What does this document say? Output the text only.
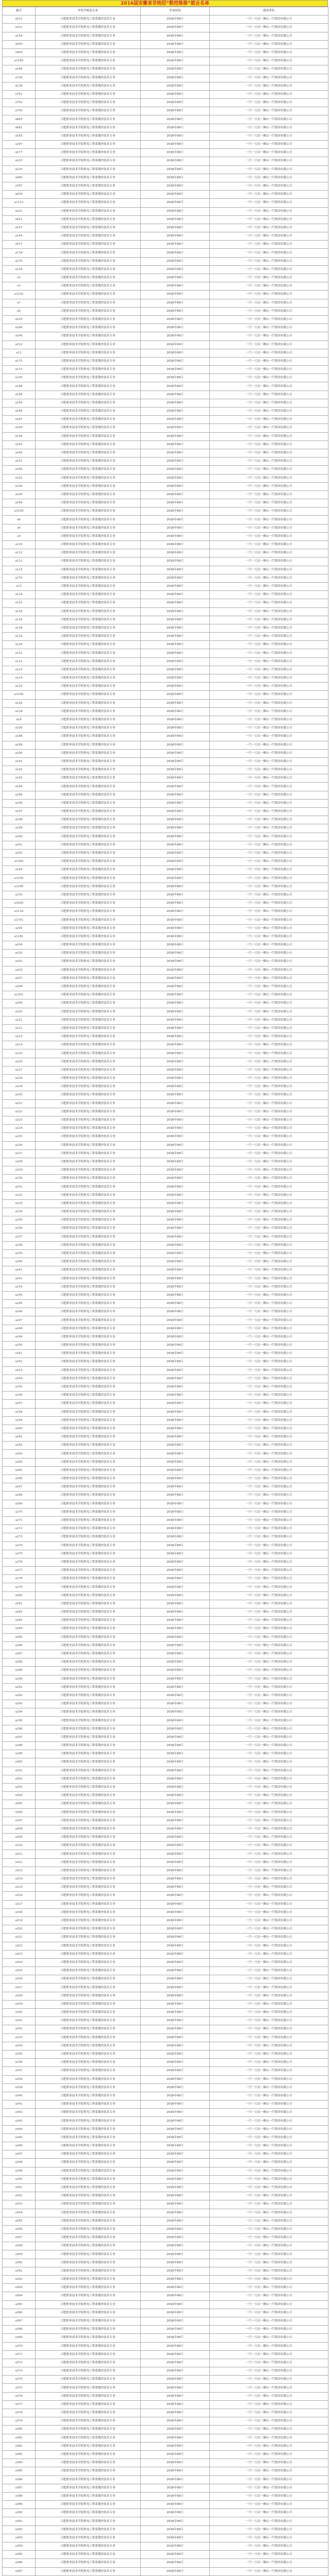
2016届安徽省非统招“数控维修”就业名单
编号	毕业学校及专业	毕业时间	就业单位
a011	合肥职业技术学院机电工程系数控技术专业	2016年06月	一汽一大众一佛山一汽集团有限公司
a311	合肥职业技术学院机电工程系数控技术专业	2016年06月	一汽一大众一佛山一汽集团有限公司
a158	合肥职业技术学院机电工程系数控技术专业	2016年06月	一汽一大众一佛山一汽集团有限公司
a505	合肥职业技术学院机电工程系数控技术专业	2016年06月	一汽一大众一佛山一汽集团有限公司
a404	合肥职业技术学院机电工程系数控技术专业	2016年06月	一汽一大众一佛山一汽集团有限公司
a1180	合肥职业技术学院机电工程系数控技术专业	2016年06月	一汽一大众一佛山一汽集团有限公司
a168	合肥职业技术学院机电工程系数控技术专业	2016年06月	一汽一大众一佛山一汽集团有限公司
a728	合肥职业技术学院机电工程系数控技术专业	2016年06月	一汽一大众一佛山一汽集团有限公司
a139	合肥职业技术学院机电工程系数控技术专业	2016年06月	一汽一大众一佛山一汽集团有限公司
a751	合肥职业技术学院机电工程系数控技术专业	2016年06月	一汽一大众一佛山一汽集团有限公司
a752	合肥职业技术学院机电工程系数控技术专业	2016年06月	一汽一大众一佛山一汽集团有限公司
a700	合肥职业技术学院机电工程系数控技术专业	2016年06月	一汽一大众一佛山一汽集团有限公司
a663	合肥职业技术学院机电工程系数控技术专业	2016年06月	一汽一大众一佛山一汽集团有限公司
a681	合肥职业技术学院机电工程系数控技术专业	2016年06月	一汽一大众一佛山一汽集团有限公司
a183	合肥职业技术学院机电工程系数控技术专业	2016年06月	一汽一大众一佛山一汽集团有限公司
a297	合肥职业技术学院机电工程系数控技术专业	2016年06月	一汽一大众一佛山一汽集团有限公司
a177	合肥职业技术学院机电工程系数控技术专业	2016年06月	一汽一大众一佛山一汽集团有限公司
a125	合肥职业技术学院机电工程系数控技术专业	2016年06月	一汽一大众一佛山一汽集团有限公司
a120	合肥职业技术学院机电工程系数控技术专业	2016年06月	一汽一大众一佛山一汽集团有限公司
a660	合肥职业技术学院机电工程系数控技术专业	2016年06月	一汽一大众一佛山一汽集团有限公司
a767	合肥职业技术学院机电工程系数控技术专业	2016年06月	一汽一大众一佛山一汽集团有限公司
a504	合肥职业技术学院机电工程系数控技术专业	2016年06月	一汽一大众一佛山一汽集团有限公司
a1112	合肥职业技术学院机电工程系数控技术专业	2016年06月	一汽一大众一佛山一汽集团有限公司
a221	合肥职业技术学院机电工程系数控技术专业	2016年06月	一汽一大众一佛山一汽集团有限公司
a611	合肥职业技术学院机电工程系数控技术专业	2016年06月	一汽一大众一佛山一汽集团有限公司
a157	合肥职业技术学院机电工程系数控技术专业	2016年06月	一汽一大众一佛山一汽集团有限公司
a144	合肥职业技术学院机电工程系数控技术专业	2016年06月	一汽一大众一佛山一汽集团有限公司
a571	合肥职业技术学院机电工程系数控技术专业	2016年06月	一汽一大众一佛山一汽集团有限公司
a718	合肥职业技术学院机电工程系数控技术专业	2016年06月	一汽一大众一佛山一汽集团有限公司
a170	合肥职业技术学院机电工程系数控技术专业	2016年06月	一汽一大众一佛山一汽集团有限公司
a128	合肥职业技术学院机电工程系数控技术专业	2016年06月	一汽一大众一佛山一汽集团有限公司
a3	合肥职业技术学院机电工程系数控技术专业	2016年06月	一汽一大众一佛山一汽集团有限公司
a1	合肥职业技术学院机电工程系数控技术专业	2016年06月	一汽一大众一佛山一汽集团有限公司
a1102	合肥职业技术学院机电工程系数控技术专业	2016年06月	一汽一大众一佛山一汽集团有限公司
a7	合肥职业技术学院机电工程系数控技术专业	2016年06月	一汽一大众一佛山一汽集团有限公司
a0	合肥职业技术学院机电工程系数控技术专业	2016年06月	一汽一大众一佛山一汽集团有限公司
a103	合肥职业技术学院机电工程系数控技术专业	2016年06月	一汽一大众一佛山一汽集团有限公司
a186	合肥职业技术学院机电工程系数控技术专业	2016年06月	一汽一大众一佛山一汽集团有限公司
a140	合肥职业技术学院机电工程系数控技术专业	2016年06月	一汽一大众一佛山一汽集团有限公司
a312	合肥职业技术学院机电工程系数控技术专业	2016年06月	一汽一大众一佛山一汽集团有限公司
a11	合肥职业技术学院机电工程系数控技术专业	2016年06月	一汽一大众一佛山一汽集团有限公司
a175	合肥职业技术学院机电工程系数控技术专业	2016年06月	一汽一大众一佛山一汽集团有限公司
a172	合肥职业技术学院机电工程系数控技术专业	2016年06月	一汽一大众一佛山一汽集团有限公司
a130	合肥职业技术学院机电工程系数控技术专业	2016年06月	一汽一大众一佛山一汽集团有限公司
a188	合肥职业技术学院机电工程系数控技术专业	2016年06月	一汽一大众一佛山一汽集团有限公司
a158	合肥职业技术学院机电工程系数控技术专业	2016年06月	一汽一大众一佛山一汽集团有限公司
a154	合肥职业技术学院机电工程系数控技术专业	2016年06月	一汽一大众一佛山一汽集团有限公司
a168	合肥职业技术学院机电工程系数控技术专业	2016年06月	一汽一大众一佛山一汽集团有限公司
a187	合肥职业技术学院机电工程系数控技术专业	2016年06月	一汽一大众一佛山一汽集团有限公司
a194	合肥职业技术学院机电工程系数控技术专业	2016年06月	一汽一大众一佛山一汽集团有限公司
a194	合肥职业技术学院机电工程系数控技术专业	2016年06月	一汽一大众一佛山一汽集团有限公司
a192	合肥职业技术学院机电工程系数控技术专业	2016年06月	一汽一大众一佛山一汽集团有限公司
a160	合肥职业技术学院机电工程系数控技术专业	2016年06月	一汽一大众一佛山一汽集团有限公司
a101	合肥职业技术学院机电工程系数控技术专业	2016年06月	一汽一大众一佛山一汽集团有限公司
a180	合肥职业技术学院机电工程系数控技术专业	2016年06月	一汽一大众一佛山一汽集团有限公司
a192	合肥职业技术学院机电工程系数控技术专业	2016年06月	一汽一大众一佛山一汽集团有限公司
a100	合肥职业技术学院机电工程系数控技术专业	2016年06月	一汽一大众一佛山一汽集团有限公司
a100	合肥职业技术学院机电工程系数控技术专业	2016年06月	一汽一大众一佛山一汽集团有限公司
a169	合肥职业技术学院机电工程系数控技术专业	2016年06月	一汽一大众一佛山一汽集团有限公司
a1109	合肥职业技术学院机电工程系数控技术专业	2016年06月	一汽一大众一佛山一汽集团有限公司
a6	合肥职业技术学院机电工程系数控技术专业	2016年06月	一汽一大众一佛山一汽集团有限公司
a4	合肥职业技术学院机电工程系数控技术专业	2016年06月	一汽一大众一佛山一汽集团有限公司
a3	合肥职业技术学院机电工程系数控技术专业	2016年06月	一汽一大众一佛山一汽集团有限公司
a110	合肥职业技术学院机电工程系数控技术专业	2016年06月	一汽一大众一佛山一汽集团有限公司
a111	合肥职业技术学院机电工程系数控技术专业	2016年06月	一汽一大众一佛山一汽集团有限公司
a112	合肥职业技术学院机电工程系数控技术专业	2016年06月	一汽一大众一佛山一汽集团有限公司
a113	合肥职业技术学院机电工程系数控技术专业	2016年06月	一汽一大众一佛山一汽集团有限公司
a170	合肥职业技术学院机电工程系数控技术专业	2016年06月	一汽一大众一佛山一汽集团有限公司
a13	合肥职业技术学院机电工程系数控技术专业	2016年06月	一汽一大众一佛山一汽集团有限公司
a114	合肥职业技术学院机电工程系数控技术专业	2016年06月	一汽一大众一佛山一汽集团有限公司
a115	合肥职业技术学院机电工程系数控技术专业	2016年06月	一汽一大众一佛山一汽集团有限公司
a116	合肥职业技术学院机电工程系数控技术专业	2016年06月	一汽一大众一佛山一汽集团有限公司
a116	合肥职业技术学院机电工程系数控技术专业	2016年06月	一汽一大众一佛山一汽集团有限公司
a118	合肥职业技术学院机电工程系数控技术专业	2016年06月	一汽一大众一佛山一汽集团有限公司
a119	合肥职业技术学院机电工程系数控技术专业	2016年06月	一汽一大众一佛山一汽集团有限公司
a120	合肥职业技术学院机电工程系数控技术专业	2016年06月	一汽一大众一佛山一汽集团有限公司
a121	合肥职业技术学院机电工程系数控技术专业	2016年06月	一汽一大众一佛山一汽集团有限公司
a122	合肥职业技术学院机电工程系数控技术专业	2016年06月	一汽一大众一佛山一汽集团有限公司
a123	合肥职业技术学院机电工程系数控技术专业	2016年06月	一汽一大众一佛山一汽集团有限公司
a124	合肥职业技术学院机电工程系数控技术专业	2016年06月	一汽一大众一佛山一汽集团有限公司
a125	合肥职业技术学院机电工程系数控技术专业	2016年06月	一汽一大众一佛山一汽集团有限公司
a1106	合肥职业技术学院机电工程系数控技术专业	2016年06月	一汽一大众一佛山一汽集团有限公司
a126	合肥职业技术学院机电工程系数控技术专业	2016年06月	一汽一大众一佛山一汽集团有限公司
a128	合肥职业技术学院机电工程系数控技术专业	2016年06月	一汽一大众一佛山一汽集团有限公司
a16	合肥职业技术学院机电工程系数控技术专业	2016年06月	一汽一大众一佛山一汽集团有限公司
a106	合肥职业技术学院机电工程系数控技术专业	2016年06月	一汽一大众一佛山一汽集团有限公司
a188	合肥职业技术学院机电工程系数控技术专业	2016年06月	一汽一大众一佛山一汽集团有限公司
a189	合肥职业技术学院机电工程系数控技术专业	2016年06月	一汽一大众一佛山一汽集团有限公司
a190	合肥职业技术学院机电工程系数控技术专业	2016年06月	一汽一大众一佛山一汽集团有限公司
a191	合肥职业技术学院机电工程系数控技术专业	2016年06月	一汽一大众一佛山一汽集团有限公司
a192	合肥职业技术学院机电工程系数控技术专业	2016年06月	一汽一大众一佛山一汽集团有限公司
a193	合肥职业技术学院机电工程系数控技术专业	2016年06月	一汽一大众一佛山一汽集团有限公司
a194	合肥职业技术学院机电工程系数控技术专业	2016年06月	一汽一大众一佛山一汽集团有限公司
a195	合肥职业技术学院机电工程系数控技术专业	2016年06月	一汽一大众一佛山一汽集团有限公司
a196	合肥职业技术学院机电工程系数控技术专业	2016年06月	一汽一大众一佛山一汽集团有限公司
a197	合肥职业技术学院机电工程系数控技术专业	2016年06月	一汽一大众一佛山一汽集团有限公司
a198	合肥职业技术学院机电工程系数控技术专业	2016年06月	一汽一大众一佛山一汽集团有限公司
a199	合肥职业技术学院机电工程系数控技术专业	2016年06月	一汽一大众一佛山一汽集团有限公司
a200	合肥职业技术学院机电工程系数控技术专业	2016年06月	一汽一大众一佛山一汽集团有限公司
a201	合肥职业技术学院机电工程系数控技术专业	2016年06月	一汽一大众一佛山一汽集团有限公司
a202	合肥职业技术学院机电工程系数控技术专业	2016年06月	一汽一大众一佛山一汽集团有限公司
a1300	合肥职业技术学院机电工程系数控技术专业	2016年06月	一汽一大众一佛山一汽集团有限公司
a164	合肥职业技术学院机电工程系数控技术专业	2016年06月	一汽一大众一佛山一汽集团有限公司
a1200	合肥职业技术学院机电工程系数控技术专业	2016年06月	一汽一大众一佛山一汽集团有限公司
a1180	合肥职业技术学院机电工程系数控技术专业	2016年06月	一汽一大众一佛山一汽集团有限公司
a130	合肥职业技术学院机电工程系数控技术专业	2016年06月	一汽一大众一佛山一汽集团有限公司
a1000	合肥职业技术学院机电工程系数控技术专业	2016年06月	一汽一大众一佛山一汽集团有限公司
a1118	合肥职业技术学院机电工程系数控技术专业	2016年06月	一汽一大众一佛山一汽集团有限公司
a1701	合肥职业技术学院机电工程系数控技术专业	2016年06月	一汽一大众一佛山一汽集团有限公司
a205	合肥职业技术学院机电工程系数控技术专业	2016年06月	一汽一大众一佛山一汽集团有限公司
a1181	合肥职业技术学院机电工程系数控技术专业	2016年06月	一汽一大众一佛山一汽集团有限公司
a204	合肥职业技术学院机电工程系数控技术专业	2016年06月	一汽一大众一佛山一汽集团有限公司
a100	合肥职业技术学院机电工程系数控技术专业	2016年06月	一汽一大众一佛山一汽集团有限公司
a202	合肥职业技术学院机电工程系数控技术专业	2016年06月	一汽一大众一佛山一汽集团有限公司
a203	合肥职业技术学院机电工程系数控技术专业	2016年06月	一汽一大众一佛山一汽集团有限公司
a207	合肥职业技术学院机电工程系数控技术专业	2016年06月	一汽一大众一佛山一汽集团有限公司
a208	合肥职业技术学院机电工程系数控技术专业	2016年06月	一汽一大众一佛山一汽集团有限公司
a1201	合肥职业技术学院机电工程系数控技术专业	2016年06月	一汽一大众一佛山一汽集团有限公司
a209	合肥职业技术学院机电工程系数控技术专业	2016年06月	一汽一大众一佛山一汽集团有限公司
a210	合肥职业技术学院机电工程系数控技术专业	2016年06月	一汽一大众一佛山一汽集团有限公司
a211	合肥职业技术学院机电工程系数控技术专业	2016年06月	一汽一大众一佛山一汽集团有限公司
a212	合肥职业技术学院机电工程系数控技术专业	2016年06月	一汽一大众一佛山一汽集团有限公司
a213	合肥职业技术学院机电工程系数控技术专业	2016年06月	一汽一大众一佛山一汽集团有限公司
a214	合肥职业技术学院机电工程系数控技术专业	2016年06月	一汽一大众一佛山一汽集团有限公司
a215	合肥职业技术学院机电工程系数控技术专业	2016年06月	一汽一大众一佛山一汽集团有限公司
a216	合肥职业技术学院机电工程系数控技术专业	2016年06月	一汽一大众一佛山一汽集团有限公司
a217	合肥职业技术学院机电工程系数控技术专业	2016年06月	一汽一大众一佛山一汽集团有限公司
a218	合肥职业技术学院机电工程系数控技术专业	2016年06月	一汽一大众一佛山一汽集团有限公司
a219	合肥职业技术学院机电工程系数控技术专业	2016年06月	一汽一大众一佛山一汽集团有限公司
a220	合肥职业技术学院机电工程系数控技术专业	2016年06月	一汽一大众一佛山一汽集团有限公司
a221	合肥职业技术学院机电工程系数控技术专业	2016年06月	一汽一大众一佛山一汽集团有限公司
a222	合肥职业技术学院机电工程系数控技术专业	2016年06月	一汽一大众一佛山一汽集团有限公司
a223	合肥职业技术学院机电工程系数控技术专业	2016年06月	一汽一大众一佛山一汽集团有限公司
a224	合肥职业技术学院机电工程系数控技术专业	2016年06月	一汽一大众一佛山一汽集团有限公司
a225	合肥职业技术学院机电工程系数控技术专业	2016年06月	一汽一大众一佛山一汽集团有限公司
a226	合肥职业技术学院机电工程系数控技术专业	2016年06月	一汽一大众一佛山一汽集团有限公司
a227	合肥职业技术学院机电工程系数控技术专业	2016年06月	一汽一大众一佛山一汽集团有限公司
a228	合肥职业技术学院机电工程系数控技术专业	2016年06月	一汽一大众一佛山一汽集团有限公司
a229	合肥职业技术学院机电工程系数控技术专业	2016年06月	一汽一大众一佛山一汽集团有限公司
a230	合肥职业技术学院机电工程系数控技术专业	2016年06月	一汽一大众一佛山一汽集团有限公司
a231	合肥职业技术学院机电工程系数控技术专业	2016年06月	一汽一大众一佛山一汽集团有限公司
a232	合肥职业技术学院机电工程系数控技术专业	2016年06月	一汽一大众一佛山一汽集团有限公司
a233	合肥职业技术学院机电工程系数控技术专业	2016年06月	一汽一大众一佛山一汽集团有限公司
a234	合肥职业技术学院机电工程系数控技术专业	2016年06月	一汽一大众一佛山一汽集团有限公司
a235	合肥职业技术学院机电工程系数控技术专业	2016年06月	一汽一大众一佛山一汽集团有限公司
a236	合肥职业技术学院机电工程系数控技术专业	2016年06月	一汽一大众一佛山一汽集团有限公司
a237	合肥职业技术学院机电工程系数控技术专业	2016年06月	一汽一大众一佛山一汽集团有限公司
a238	合肥职业技术学院机电工程系数控技术专业	2016年06月	一汽一大众一佛山一汽集团有限公司
a239	合肥职业技术学院机电工程系数控技术专业	2016年06月	一汽一大众一佛山一汽集团有限公司
a240	合肥职业技术学院机电工程系数控技术专业	2016年06月	一汽一大众一佛山一汽集团有限公司
a241	合肥职业技术学院机电工程系数控技术专业	2016年06月	一汽一大众一佛山一汽集团有限公司
a242	合肥职业技术学院机电工程系数控技术专业	2016年06月	一汽一大众一佛山一汽集团有限公司
a243	合肥职业技术学院机电工程系数控技术专业	2016年06月	一汽一大众一佛山一汽集团有限公司
a244	合肥职业技术学院机电工程系数控技术专业	2016年06月	一汽一大众一佛山一汽集团有限公司
a245	合肥职业技术学院机电工程系数控技术专业	2016年06月	一汽一大众一佛山一汽集团有限公司
a246	合肥职业技术学院机电工程系数控技术专业	2016年06月	一汽一大众一佛山一汽集团有限公司
a247	合肥职业技术学院机电工程系数控技术专业	2016年06月	一汽一大众一佛山一汽集团有限公司
a248	合肥职业技术学院机电工程系数控技术专业	2016年06月	一汽一大众一佛山一汽集团有限公司
a249	合肥职业技术学院机电工程系数控技术专业	2016年06月	一汽一大众一佛山一汽集团有限公司
a250	合肥职业技术学院机电工程系数控技术专业	2016年06月	一汽一大众一佛山一汽集团有限公司
a251	合肥职业技术学院机电工程系数控技术专业	2016年06月	一汽一大众一佛山一汽集团有限公司
a252	合肥职业技术学院机电工程系数控技术专业	2016年06月	一汽一大众一佛山一汽集团有限公司
a253	合肥职业技术学院机电工程系数控技术专业	2016年06月	一汽一大众一佛山一汽集团有限公司
a254	合肥职业技术学院机电工程系数控技术专业	2016年06月	一汽一大众一佛山一汽集团有限公司
a255	合肥职业技术学院机电工程系数控技术专业	2016年06月	一汽一大众一佛山一汽集团有限公司
a256	合肥职业技术学院机电工程系数控技术专业	2016年06月	一汽一大众一佛山一汽集团有限公司
a257	合肥职业技术学院机电工程系数控技术专业	2016年06月	一汽一大众一佛山一汽集团有限公司
a258	合肥职业技术学院机电工程系数控技术专业	2016年06月	一汽一大众一佛山一汽集团有限公司
a259	合肥职业技术学院机电工程系数控技术专业	2016年06月	一汽一大众一佛山一汽集团有限公司
a260	合肥职业技术学院机电工程系数控技术专业	2016年06月	一汽一大众一佛山一汽集团有限公司
a261	合肥职业技术学院机电工程系数控技术专业	2016年06月	一汽一大众一佛山一汽集团有限公司
a262	合肥职业技术学院机电工程系数控技术专业	2016年06月	一汽一大众一佛山一汽集团有限公司
a263	合肥职业技术学院机电工程系数控技术专业	2016年06月	一汽一大众一佛山一汽集团有限公司
a264	合肥职业技术学院机电工程系数控技术专业	2016年06月	一汽一大众一佛山一汽集团有限公司
a265	合肥职业技术学院机电工程系数控技术专业	2016年06月	一汽一大众一佛山一汽集团有限公司
a266	合肥职业技术学院机电工程系数控技术专业	2016年06月	一汽一大众一佛山一汽集团有限公司
a267	合肥职业技术学院机电工程系数控技术专业	2016年06月	一汽一大众一佛山一汽集团有限公司
a268	合肥职业技术学院机电工程系数控技术专业	2016年06月	一汽一大众一佛山一汽集团有限公司
a269	合肥职业技术学院机电工程系数控技术专业	2016年06月	一汽一大众一佛山一汽集团有限公司
a270	合肥职业技术学院机电工程系数控技术专业	2016年06月	一汽一大众一佛山一汽集团有限公司
a271	合肥职业技术学院机电工程系数控技术专业	2016年06月	一汽一大众一佛山一汽集团有限公司
a272	合肥职业技术学院机电工程系数控技术专业	2016年06月	一汽一大众一佛山一汽集团有限公司
a273	合肥职业技术学院机电工程系数控技术专业	2016年06月	一汽一大众一佛山一汽集团有限公司
a274	合肥职业技术学院机电工程系数控技术专业	2016年06月	一汽一大众一佛山一汽集团有限公司
a275	合肥职业技术学院机电工程系数控技术专业	2016年06月	一汽一大众一佛山一汽集团有限公司
a276	合肥职业技术学院机电工程系数控技术专业	2016年06月	一汽一大众一佛山一汽集团有限公司
a277	合肥职业技术学院机电工程系数控技术专业	2016年06月	一汽一大众一佛山一汽集团有限公司
a278	合肥职业技术学院机电工程系数控技术专业	2016年06月	一汽一大众一佛山一汽集团有限公司
a279	合肥职业技术学院机电工程系数控技术专业	2016年06月	一汽一大众一佛山一汽集团有限公司
a280	合肥职业技术学院机电工程系数控技术专业	2016年06月	一汽一大众一佛山一汽集团有限公司
a281	合肥职业技术学院机电工程系数控技术专业	2016年06月	一汽一大众一佛山一汽集团有限公司
a282	合肥职业技术学院机电工程系数控技术专业	2016年06月	一汽一大众一佛山一汽集团有限公司
a283	合肥职业技术学院机电工程系数控技术专业	2016年06月	一汽一大众一佛山一汽集团有限公司
a284	合肥职业技术学院机电工程系数控技术专业	2016年06月	一汽一大众一佛山一汽集团有限公司
a285	合肥职业技术学院机电工程系数控技术专业	2016年06月	一汽一大众一佛山一汽集团有限公司
a286	合肥职业技术学院机电工程系数控技术专业	2016年06月	一汽一大众一佛山一汽集团有限公司
a287	合肥职业技术学院机电工程系数控技术专业	2016年06月	一汽一大众一佛山一汽集团有限公司
a288	合肥职业技术学院机电工程系数控技术专业	2016年06月	一汽一大众一佛山一汽集团有限公司
a289	合肥职业技术学院机电工程系数控技术专业	2016年06月	一汽一大众一佛山一汽集团有限公司
a290	合肥职业技术学院机电工程系数控技术专业	2016年06月	一汽一大众一佛山一汽集团有限公司
a291	合肥职业技术学院机电工程系数控技术专业	2016年06月	一汽一大众一佛山一汽集团有限公司
a292	合肥职业技术学院机电工程系数控技术专业	2016年06月	一汽一大众一佛山一汽集团有限公司
a293	合肥职业技术学院机电工程系数控技术专业	2016年06月	一汽一大众一佛山一汽集团有限公司
a294	合肥职业技术学院机电工程系数控技术专业	2016年06月	一汽一大众一佛山一汽集团有限公司
a295	合肥职业技术学院机电工程系数控技术专业	2016年06月	一汽一大众一佛山一汽集团有限公司
a296	合肥职业技术学院机电工程系数控技术专业	2016年06月	一汽一大众一佛山一汽集团有限公司
a297	合肥职业技术学院机电工程系数控技术专业	2016年06月	一汽一大众一佛山一汽集团有限公司
a298	合肥职业技术学院机电工程系数控技术专业	2016年06月	一汽一大众一佛山一汽集团有限公司
a299	合肥职业技术学院机电工程系数控技术专业	2016年06月	一汽一大众一佛山一汽集团有限公司
a300	合肥职业技术学院机电工程系数控技术专业	2016年06月	一汽一大众一佛山一汽集团有限公司
a301	合肥职业技术学院机电工程系数控技术专业	2016年06月	一汽一大众一佛山一汽集团有限公司
a302	合肥职业技术学院机电工程系数控技术专业	2016年06月	一汽一大众一佛山一汽集团有限公司
a303	合肥职业技术学院机电工程系数控技术专业	2016年06月	一汽一大众一佛山一汽集团有限公司
a304	合肥职业技术学院机电工程系数控技术专业	2016年06月	一汽一大众一佛山一汽集团有限公司
a305	合肥职业技术学院机电工程系数控技术专业	2016年06月	一汽一大众一佛山一汽集团有限公司
a306	合肥职业技术学院机电工程系数控技术专业	2016年06月	一汽一大众一佛山一汽集团有限公司
a307	合肥职业技术学院机电工程系数控技术专业	2016年06月	一汽一大众一佛山一汽集团有限公司
a308	合肥职业技术学院机电工程系数控技术专业	2016年06月	一汽一大众一佛山一汽集团有限公司
a309	合肥职业技术学院机电工程系数控技术专业	2016年06月	一汽一大众一佛山一汽集团有限公司
a310	合肥职业技术学院机电工程系数控技术专业	2016年06月	一汽一大众一佛山一汽集团有限公司
a311	合肥职业技术学院机电工程系数控技术专业	2016年06月	一汽一大众一佛山一汽集团有限公司
a312	合肥职业技术学院机电工程系数控技术专业	2016年06月	一汽一大众一佛山一汽集团有限公司
a313	合肥职业技术学院机电工程系数控技术专业	2016年06月	一汽一大众一佛山一汽集团有限公司
a314	合肥职业技术学院机电工程系数控技术专业	2016年06月	一汽一大众一佛山一汽集团有限公司
a315	合肥职业技术学院机电工程系数控技术专业	2016年06月	一汽一大众一佛山一汽集团有限公司
a316	合肥职业技术学院机电工程系数控技术专业	2016年06月	一汽一大众一佛山一汽集团有限公司
a317	合肥职业技术学院机电工程系数控技术专业	2016年06月	一汽一大众一佛山一汽集团有限公司
a318	合肥职业技术学院机电工程系数控技术专业	2016年06月	一汽一大众一佛山一汽集团有限公司
a319	合肥职业技术学院机电工程系数控技术专业	2016年06月	一汽一大众一佛山一汽集团有限公司
a320	合肥职业技术学院机电工程系数控技术专业	2016年06月	一汽一大众一佛山一汽集团有限公司
a321	合肥职业技术学院机电工程系数控技术专业	2016年06月	一汽一大众一佛山一汽集团有限公司
a322	合肥职业技术学院机电工程系数控技术专业	2016年06月	一汽一大众一佛山一汽集团有限公司
a323	合肥职业技术学院机电工程系数控技术专业	2016年06月	一汽一大众一佛山一汽集团有限公司
a324	合肥职业技术学院机电工程系数控技术专业	2016年06月	一汽一大众一佛山一汽集团有限公司
a325	合肥职业技术学院机电工程系数控技术专业	2016年06月	一汽一大众一佛山一汽集团有限公司
a326	合肥职业技术学院机电工程系数控技术专业	2016年06月	一汽一大众一佛山一汽集团有限公司
a327	合肥职业技术学院机电工程系数控技术专业	2016年06月	一汽一大众一佛山一汽集团有限公司
a328	合肥职业技术学院机电工程系数控技术专业	2016年06月	一汽一大众一佛山一汽集团有限公司
a329	合肥职业技术学院机电工程系数控技术专业	2016年06月	一汽一大众一佛山一汽集团有限公司
a330	合肥职业技术学院机电工程系数控技术专业	2016年06月	一汽一大众一佛山一汽集团有限公司
a331	合肥职业技术学院机电工程系数控技术专业	2016年06月	一汽一大众一佛山一汽集团有限公司
a332	合肥职业技术学院机电工程系数控技术专业	2016年06月	一汽一大众一佛山一汽集团有限公司
a333	合肥职业技术学院机电工程系数控技术专业	2016年06月	一汽一大众一佛山一汽集团有限公司
a334	合肥职业技术学院机电工程系数控技术专业	2016年06月	一汽一大众一佛山一汽集团有限公司
a335	合肥职业技术学院机电工程系数控技术专业	2016年06月	一汽一大众一佛山一汽集团有限公司
a336	合肥职业技术学院机电工程系数控技术专业	2016年06月	一汽一大众一佛山一汽集团有限公司
a337	合肥职业技术学院机电工程系数控技术专业	2016年06月	一汽一大众一佛山一汽集团有限公司
a338	合肥职业技术学院机电工程系数控技术专业	2016年06月	一汽一大众一佛山一汽集团有限公司
a339	合肥职业技术学院机电工程系数控技术专业	2016年06月	一汽一大众一佛山一汽集团有限公司
a340	合肥职业技术学院机电工程系数控技术专业	2016年06月	一汽一大众一佛山一汽集团有限公司
a341	合肥职业技术学院机电工程系数控技术专业	2016年06月	一汽一大众一佛山一汽集团有限公司
a342	合肥职业技术学院机电工程系数控技术专业	2016年06月	一汽一大众一佛山一汽集团有限公司
a343	合肥职业技术学院机电工程系数控技术专业	2016年06月	一汽一大众一佛山一汽集团有限公司
a344	合肥职业技术学院机电工程系数控技术专业	2016年06月	一汽一大众一佛山一汽集团有限公司
a345	合肥职业技术学院机电工程系数控技术专业	2016年06月	一汽一大众一佛山一汽集团有限公司
a346	合肥职业技术学院机电工程系数控技术专业	2016年06月	一汽一大众一佛山一汽集团有限公司
a347	合肥职业技术学院机电工程系数控技术专业	2016年06月	一汽一大众一佛山一汽集团有限公司
a348	合肥职业技术学院机电工程系数控技术专业	2016年06月	一汽一大众一佛山一汽集团有限公司
a349	合肥职业技术学院机电工程系数控技术专业	2016年06月	一汽一大众一佛山一汽集团有限公司
a350	合肥职业技术学院机电工程系数控技术专业	2016年06月	一汽一大众一佛山一汽集团有限公司
a351	合肥职业技术学院机电工程系数控技术专业	2016年06月	一汽一大众一佛山一汽集团有限公司
a352	合肥职业技术学院机电工程系数控技术专业	2016年06月	一汽一大众一佛山一汽集团有限公司
a353	合肥职业技术学院机电工程系数控技术专业	2016年06月	一汽一大众一佛山一汽集团有限公司
a354	合肥职业技术学院机电工程系数控技术专业	2016年06月	一汽一大众一佛山一汽集团有限公司
a355	合肥职业技术学院机电工程系数控技术专业	2016年06月	一汽一大众一佛山一汽集团有限公司
a356	合肥职业技术学院机电工程系数控技术专业	2016年06月	一汽一大众一佛山一汽集团有限公司
a357	合肥职业技术学院机电工程系数控技术专业	2016年06月	一汽一大众一佛山一汽集团有限公司
a358	合肥职业技术学院机电工程系数控技术专业	2016年06月	一汽一大众一佛山一汽集团有限公司
a359	合肥职业技术学院机电工程系数控技术专业	2016年06月	一汽一大众一佛山一汽集团有限公司
a360	合肥职业技术学院机电工程系数控技术专业	2016年06月	一汽一大众一佛山一汽集团有限公司
a361	合肥职业技术学院机电工程系数控技术专业	2016年06月	一汽一大众一佛山一汽集团有限公司
a362	合肥职业技术学院机电工程系数控技术专业	2016年06月	一汽一大众一佛山一汽集团有限公司
a363	合肥职业技术学院机电工程系数控技术专业	2016年06月	一汽一大众一佛山一汽集团有限公司
a364	合肥职业技术学院机电工程系数控技术专业	2016年06月	一汽一大众一佛山一汽集团有限公司
a365	合肥职业技术学院机电工程系数控技术专业	2016年06月	一汽一大众一佛山一汽集团有限公司
a366	合肥职业技术学院机电工程系数控技术专业	2016年06月	一汽一大众一佛山一汽集团有限公司
a367	合肥职业技术学院机电工程系数控技术专业	2016年06月	一汽一大众一佛山一汽集团有限公司
a368	合肥职业技术学院机电工程系数控技术专业	2016年06月	一汽一大众一佛山一汽集团有限公司
a369	合肥职业技术学院机电工程系数控技术专业	2016年06月	一汽一大众一佛山一汽集团有限公司
a370	合肥职业技术学院机电工程系数控技术专业	2016年06月	一汽一大众一佛山一汽集团有限公司
a371	合肥职业技术学院机电工程系数控技术专业	2016年06月	一汽一大众一佛山一汽集团有限公司
a372	合肥职业技术学院机电工程系数控技术专业	2016年06月	一汽一大众一佛山一汽集团有限公司
a373	合肥职业技术学院机电工程系数控技术专业	2016年06月	一汽一大众一佛山一汽集团有限公司
a374	合肥职业技术学院机电工程系数控技术专业	2016年06月	一汽一大众一佛山一汽集团有限公司
a375	合肥职业技术学院机电工程系数控技术专业	2016年06月	一汽一大众一佛山一汽集团有限公司
a376	合肥职业技术学院机电工程系数控技术专业	2016年06月	一汽一大众一佛山一汽集团有限公司
a377	合肥职业技术学院机电工程系数控技术专业	2016年06月	一汽一大众一佛山一汽集团有限公司
a378	合肥职业技术学院机电工程系数控技术专业	2016年06月	一汽一大众一佛山一汽集团有限公司
a379	合肥职业技术学院机电工程系数控技术专业	2016年06月	一汽一大众一佛山一汽集团有限公司
a380	合肥职业技术学院机电工程系数控技术专业	2016年06月	一汽一大众一佛山一汽集团有限公司
a381	合肥职业技术学院机电工程系数控技术专业	2016年06月	一汽一大众一佛山一汽集团有限公司
a382	合肥职业技术学院机电工程系数控技术专业	2016年06月	一汽一大众一佛山一汽集团有限公司
a383	合肥职业技术学院机电工程系数控技术专业	2016年06月	一汽一大众一佛山一汽集团有限公司
a384	合肥职业技术学院机电工程系数控技术专业	2016年06月	一汽一大众一佛山一汽集团有限公司
a385	合肥职业技术学院机电工程系数控技术专业	2016年06月	一汽一大众一佛山一汽集团有限公司
a386	合肥职业技术学院机电工程系数控技术专业	2016年06月	一汽一大众一佛山一汽集团有限公司
a387	合肥职业技术学院机电工程系数控技术专业	2016年06月	一汽一大众一佛山一汽集团有限公司
a388	合肥职业技术学院机电工程系数控技术专业	2016年06月	一汽一大众一佛山一汽集团有限公司
a389	合肥职业技术学院机电工程系数控技术专业	2016年06月	一汽一大众一佛山一汽集团有限公司
a390	合肥职业技术学院机电工程系数控技术专业	2016年06月	一汽一大众一佛山一汽集团有限公司
a391	合肥职业技术学院机电工程系数控技术专业	2016年06月	一汽一大众一佛山一汽集团有限公司
a392	合肥职业技术学院机电工程系数控技术专业	2016年06月	一汽一大众一佛山一汽集团有限公司
a393	合肥职业技术学院机电工程系数控技术专业	2016年06月	一汽一大众一佛山一汽集团有限公司
a394	合肥职业技术学院机电工程系数控技术专业	2016年06月	一汽一大众一佛山一汽集团有限公司
a395	合肥职业技术学院机电工程系数控技术专业	2016年06月	一汽一大众一佛山一汽集团有限公司
a396	合肥职业技术学院机电工程系数控技术专业	2016年06月	一汽一大众一佛山一汽集团有限公司
a397	合肥职业技术学院机电工程系数控技术专业	2016年06月	一汽一大众一佛山一汽集团有限公司
